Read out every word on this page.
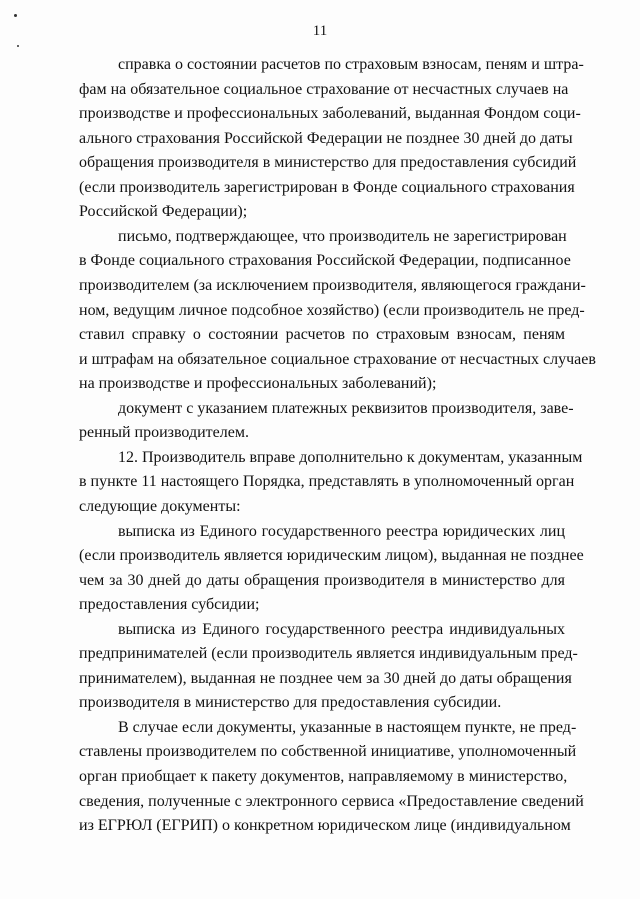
11
справка о состоянии расчетов по страховым взносам, пеням и штра-
фам на обязательное социальное страхование от несчастных случаев на
производстве и профессиональных заболеваний, выданная Фондом соци-
ального страхования Российской Федерации не позднее 30 дней до даты
обращения производителя в министерство для предоставления субсидий
(если производитель зарегистрирован в Фонде социального страхования
Российской Федерации);
письмо, подтверждающее, что производитель не зарегистрирован
в Фонде социального страхования Российской Федерации, подписанное
производителем (за исключением производителя, являющегося граждани-
ном, ведущим личное подсобное хозяйство) (если производитель не пред-
ставил справку о состоянии расчетов по страховым взносам, пеням
и штрафам на обязательное социальное страхование от несчастных случаев
на производстве и профессиональных заболеваний);
документ с указанием платежных реквизитов производителя, заве-
ренный производителем.
12. Производитель вправе дополнительно к документам, указанным
в пункте 11 настоящего Порядка, представлять в уполномоченный орган
следующие документы:
выписка из Единого государственного реестра юридических лиц
(если производитель является юридическим лицом), выданная не позднее
чем за 30 дней до даты обращения производителя в министерство для
предоставления субсидии;
выписка из Единого государственного реестра индивидуальных
предпринимателей (если производитель является индивидуальным пред-
принимателем), выданная не позднее чем за 30 дней до даты обращения
производителя в министерство для предоставления субсидии.
В случае если документы, указанные в настоящем пункте, не пред-
ставлены производителем по собственной инициативе, уполномоченный
орган приобщает к пакету документов, направляемому в министерство,
сведения, полученные с электронного сервиса «Предоставление сведений
из ЕГРЮЛ (ЕГРИП) о конкретном юридическом лице (индивидуальном
